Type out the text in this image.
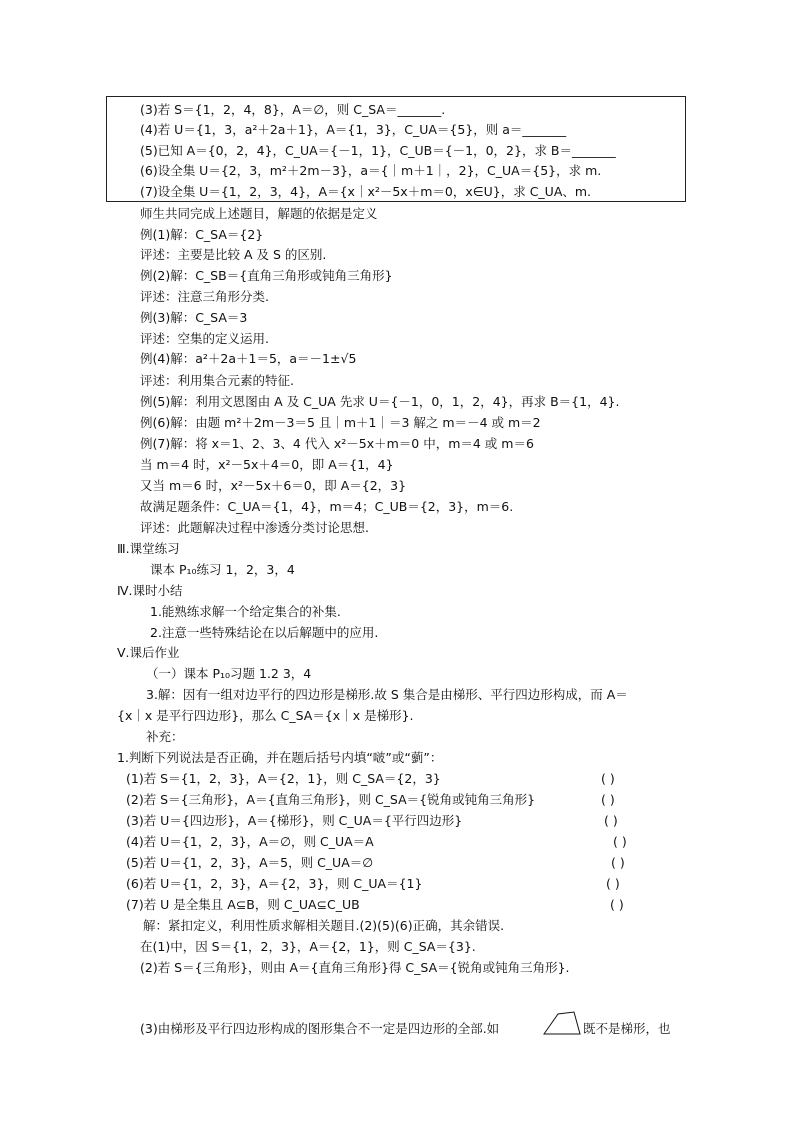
(3)若 S＝{1，2，4，8}，A＝∅，则 C_SA＝_______.
(4)若 U＝{1，3，a²＋2a＋1}，A＝{1，3}，C_UA＝{5}，则 a＝_______
(5)已知 A＝{0，2，4}，C_UA＝{－1，1}，C_UB＝{－1，0，2}，求 B＝_______
(6)设全集 U＝{2，3，m²＋2m－3}，a＝{｜m＋1｜，2}，C_UA＝{5}，求 m.
(7)设全集 U＝{1，2，3，4}，A＝{x｜x²－5x＋m＝0，x∈U}，求 C_UA、m.
师生共同完成上述题目，解题的依据是定义
例(1)解：C_SA＝{2}
评述：主要是比较 A 及 S 的区别.
例(2)解：C_SB＝{直角三角形或钝角三角形}
评述：注意三角形分类.
例(3)解：C_SA＝3
评述：空集的定义运用.
例(4)解：a²＋2a＋1＝5，a＝－1±√5
评述：利用集合元素的特征.
例(5)解：利用文恩图由 A 及 C_UA 先求 U＝{－1，0，1，2，4}，再求 B＝{1，4}.
例(6)解：由题 m²＋2m－3＝5 且｜m＋1｜＝3 解之 m＝－4 或 m＝2
例(7)解：将 x＝1、2、3、4 代入 x²－5x＋m＝0 中，m＝4 或 m＝6
当 m＝4 时，x²－5x＋4＝0，即 A＝{1，4}
又当 m＝6 时，x²－5x＋6＝0，即 A＝{2，3}
故满足题条件：C_UA＝{1，4}，m＝4；C_UB＝{2，3}，m＝6.
评述：此题解决过程中渗透分类讨论思想.
Ⅲ.课堂练习
课本 P₁₀练习 1，2，3，4
Ⅳ.课时小结
1.能熟练求解一个给定集合的补集.
2.注意一些特殊结论在以后解题中的应用.
Ⅴ.课后作业
（一）课本 P₁₀习题 1.2 3，4
3.解：因有一组对边平行的四边形是梯形.故 S 集合是由梯形、平行四边形构成，而 A＝
{x｜x 是平行四边形}，那么 C_SA＝{x｜x 是梯形}.
补充：
1.判断下列说法是否正确，并在题后括号内填“啵”或“藰”：
(1)若 S＝{1，2，3}，A＝{2，1}，则 C_SA＝{2，3}	( )
(2)若 S＝{三角形}，A＝{直角三角形}，则 C_SA＝{锐角或钝角三角形}	( )
(3)若 U＝{四边形}，A＝{梯形}，则 C_UA＝{平行四边形}	( )
(4)若 U＝{1，2，3}，A＝∅，则 C_UA＝A	( )
(5)若 U＝{1，2，3}，A＝5，则 C_UA＝∅	( )
(6)若 U＝{1，2，3}，A＝{2，3}，则 C_UA＝{1}	( )
(7)若 U 是全集且 A⊆B，则 C_UA⊆C_UB	( )
解：紧扣定义，利用性质求解相关题目.(2)(5)(6)正确，其余错误.
在(1)中，因 S＝{1，2，3}，A＝{2，1}，则 C_SA＝{3}.
(2)若 S＝{三角形}，则由 A＝{直角三角形}得 C_SA＝{锐角或钝角三角形}.
(3)由梯形及平行四边形构成的图形集合不一定是四边形的全部.如	既不是梯形，也
